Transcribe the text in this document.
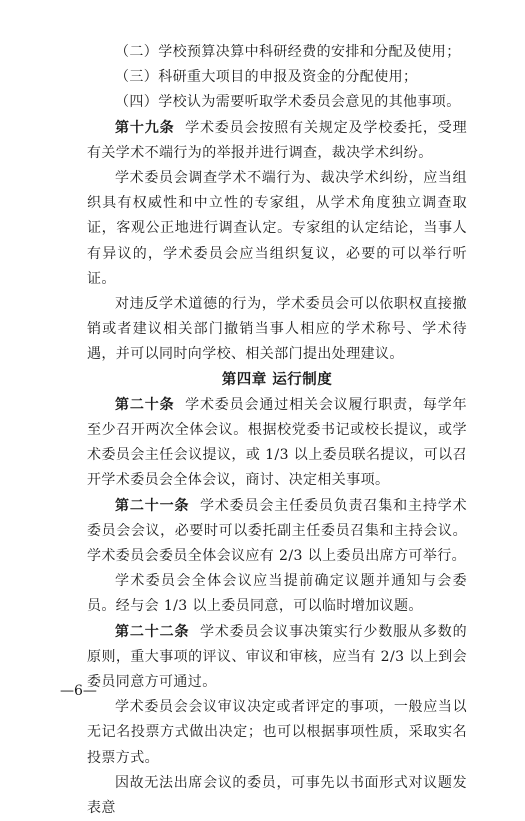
（二）学校预算决算中科研经费的安排和分配及使用；

（三）科研重大项目的申报及资金的分配使用；

（四）学校认为需要听取学术委员会意见的其他事项。

第十九条 学术委员会按照有关规定及学校委托，受理有关学术不端行为的举报并进行调查，裁决学术纠纷。

学术委员会调查学术不端行为、裁决学术纠纷，应当组织具有权威性和中立性的专家组，从学术角度独立调查取证，客观公正地进行调查认定。专家组的认定结论，当事人有异议的，学术委员会应当组织复议，必要的可以举行听证。

对违反学术道德的行为，学术委员会可以依职权直接撤销或者建议相关部门撤销当事人相应的学术称号、学术待遇，并可以同时向学校、相关部门提出处理建议。

第四章 运行制度

第二十条 学术委员会通过相关会议履行职责，每学年至少召开两次全体会议。根据校党委书记或校长提议，或学术委员会主任会议提议，或 1/3 以上委员联名提议，可以召开学术委员会全体会议，商讨、决定相关事项。

第二十一条 学术委员会主任委员负责召集和主持学术委员会会议，必要时可以委托副主任委员召集和主持会议。学术委员会委员全体会议应有 2/3 以上委员出席方可举行。

学术委员会全体会议应当提前确定议题并通知与会委员。经与会 1/3 以上委员同意，可以临时增加议题。

第二十二条 学术委员会议事决策实行少数服从多数的原则，重大事项的评议、审议和审核，应当有 2/3 以上到会委员同意方可通过。

学术委员会会议审议决定或者评定的事项，一般应当以无记名投票方式做出决定；也可以根据事项性质，采取实名投票方式。

因故无法出席会议的委员，可事先以书面形式对议题发表意

—6—
